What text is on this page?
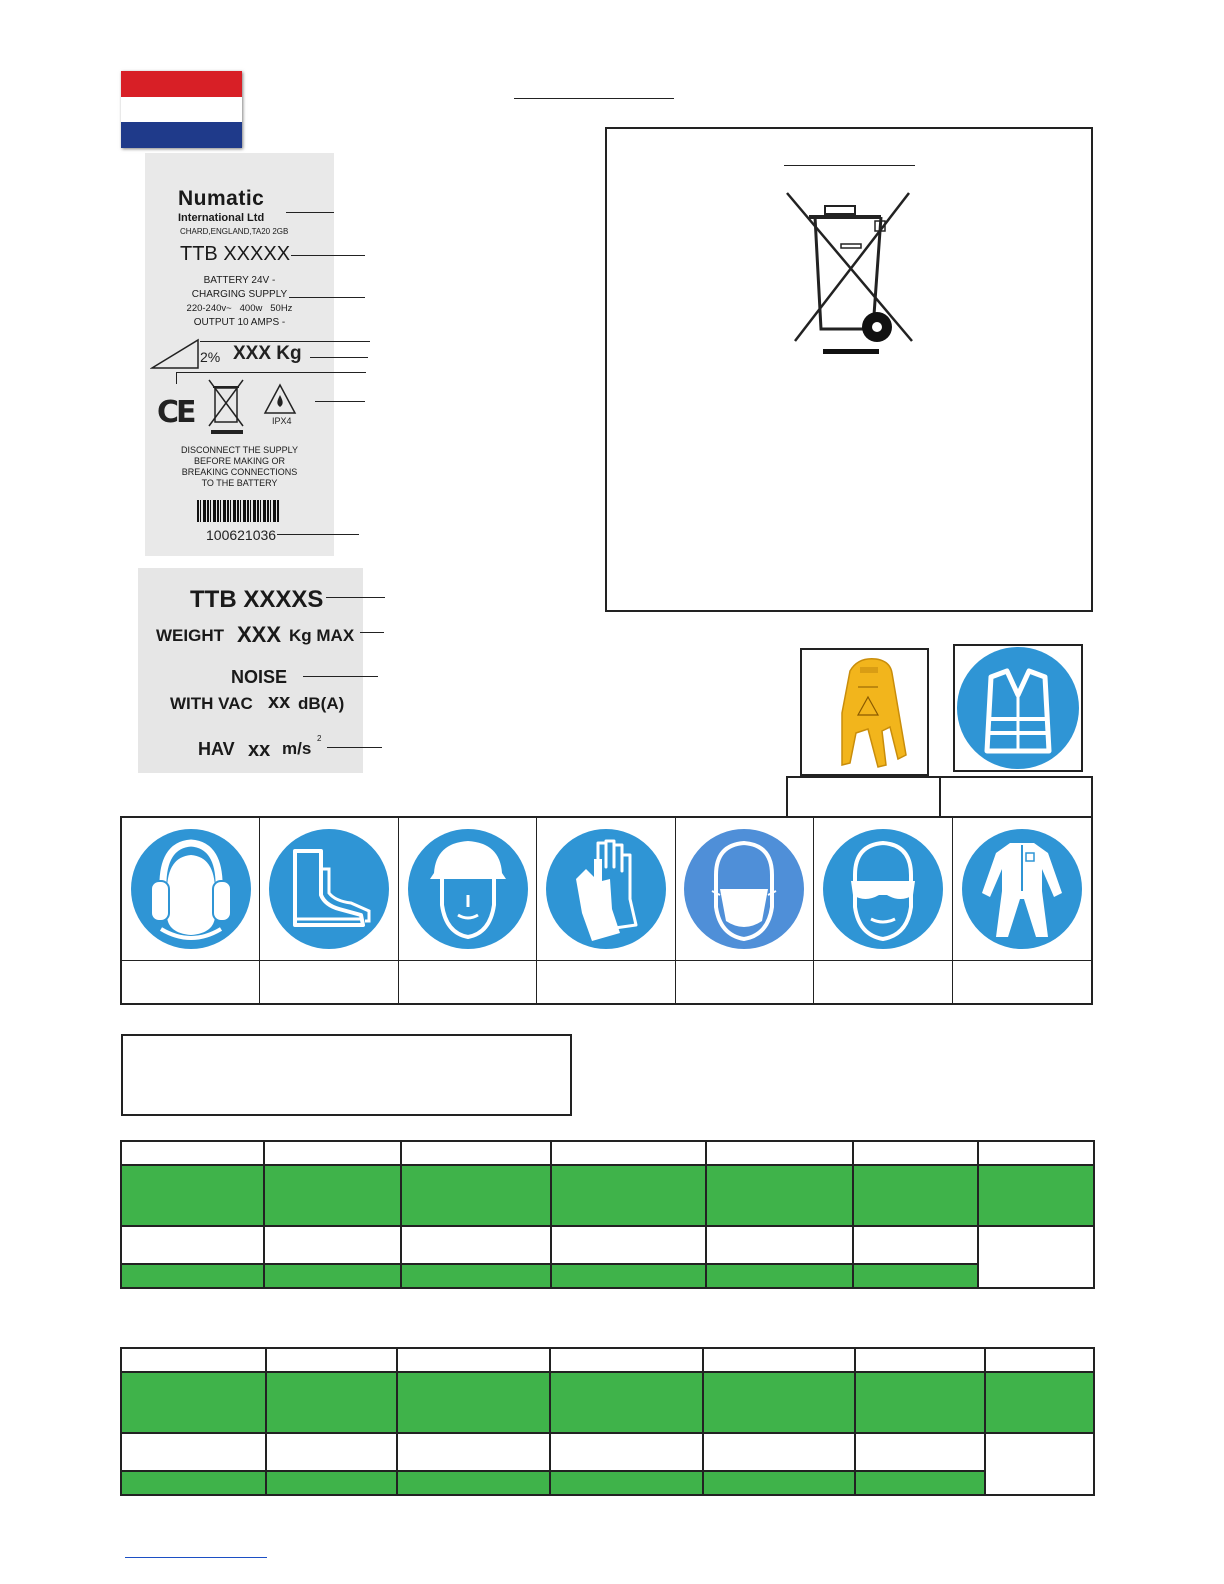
Numatic
International Ltd
CHARD,ENGLAND,TA20 2GB
TTB XXXXX
BATTERY 24V -
CHARGING SUPPLY
220-240v~   400w   50Hz
OUTPUT 10 AMPS -
2% XXX Kg
CE	IPX4
DISCONNECT THE SUPPLY
BEFORE MAKING OR
BREAKING CONNECTIONS
TO THE BATTERY
100621036
TTB XXXXS
WEIGHT XXX Kg MAX
NOISE
WITH VAC xx dB(A)
HAV xx m/s
2
